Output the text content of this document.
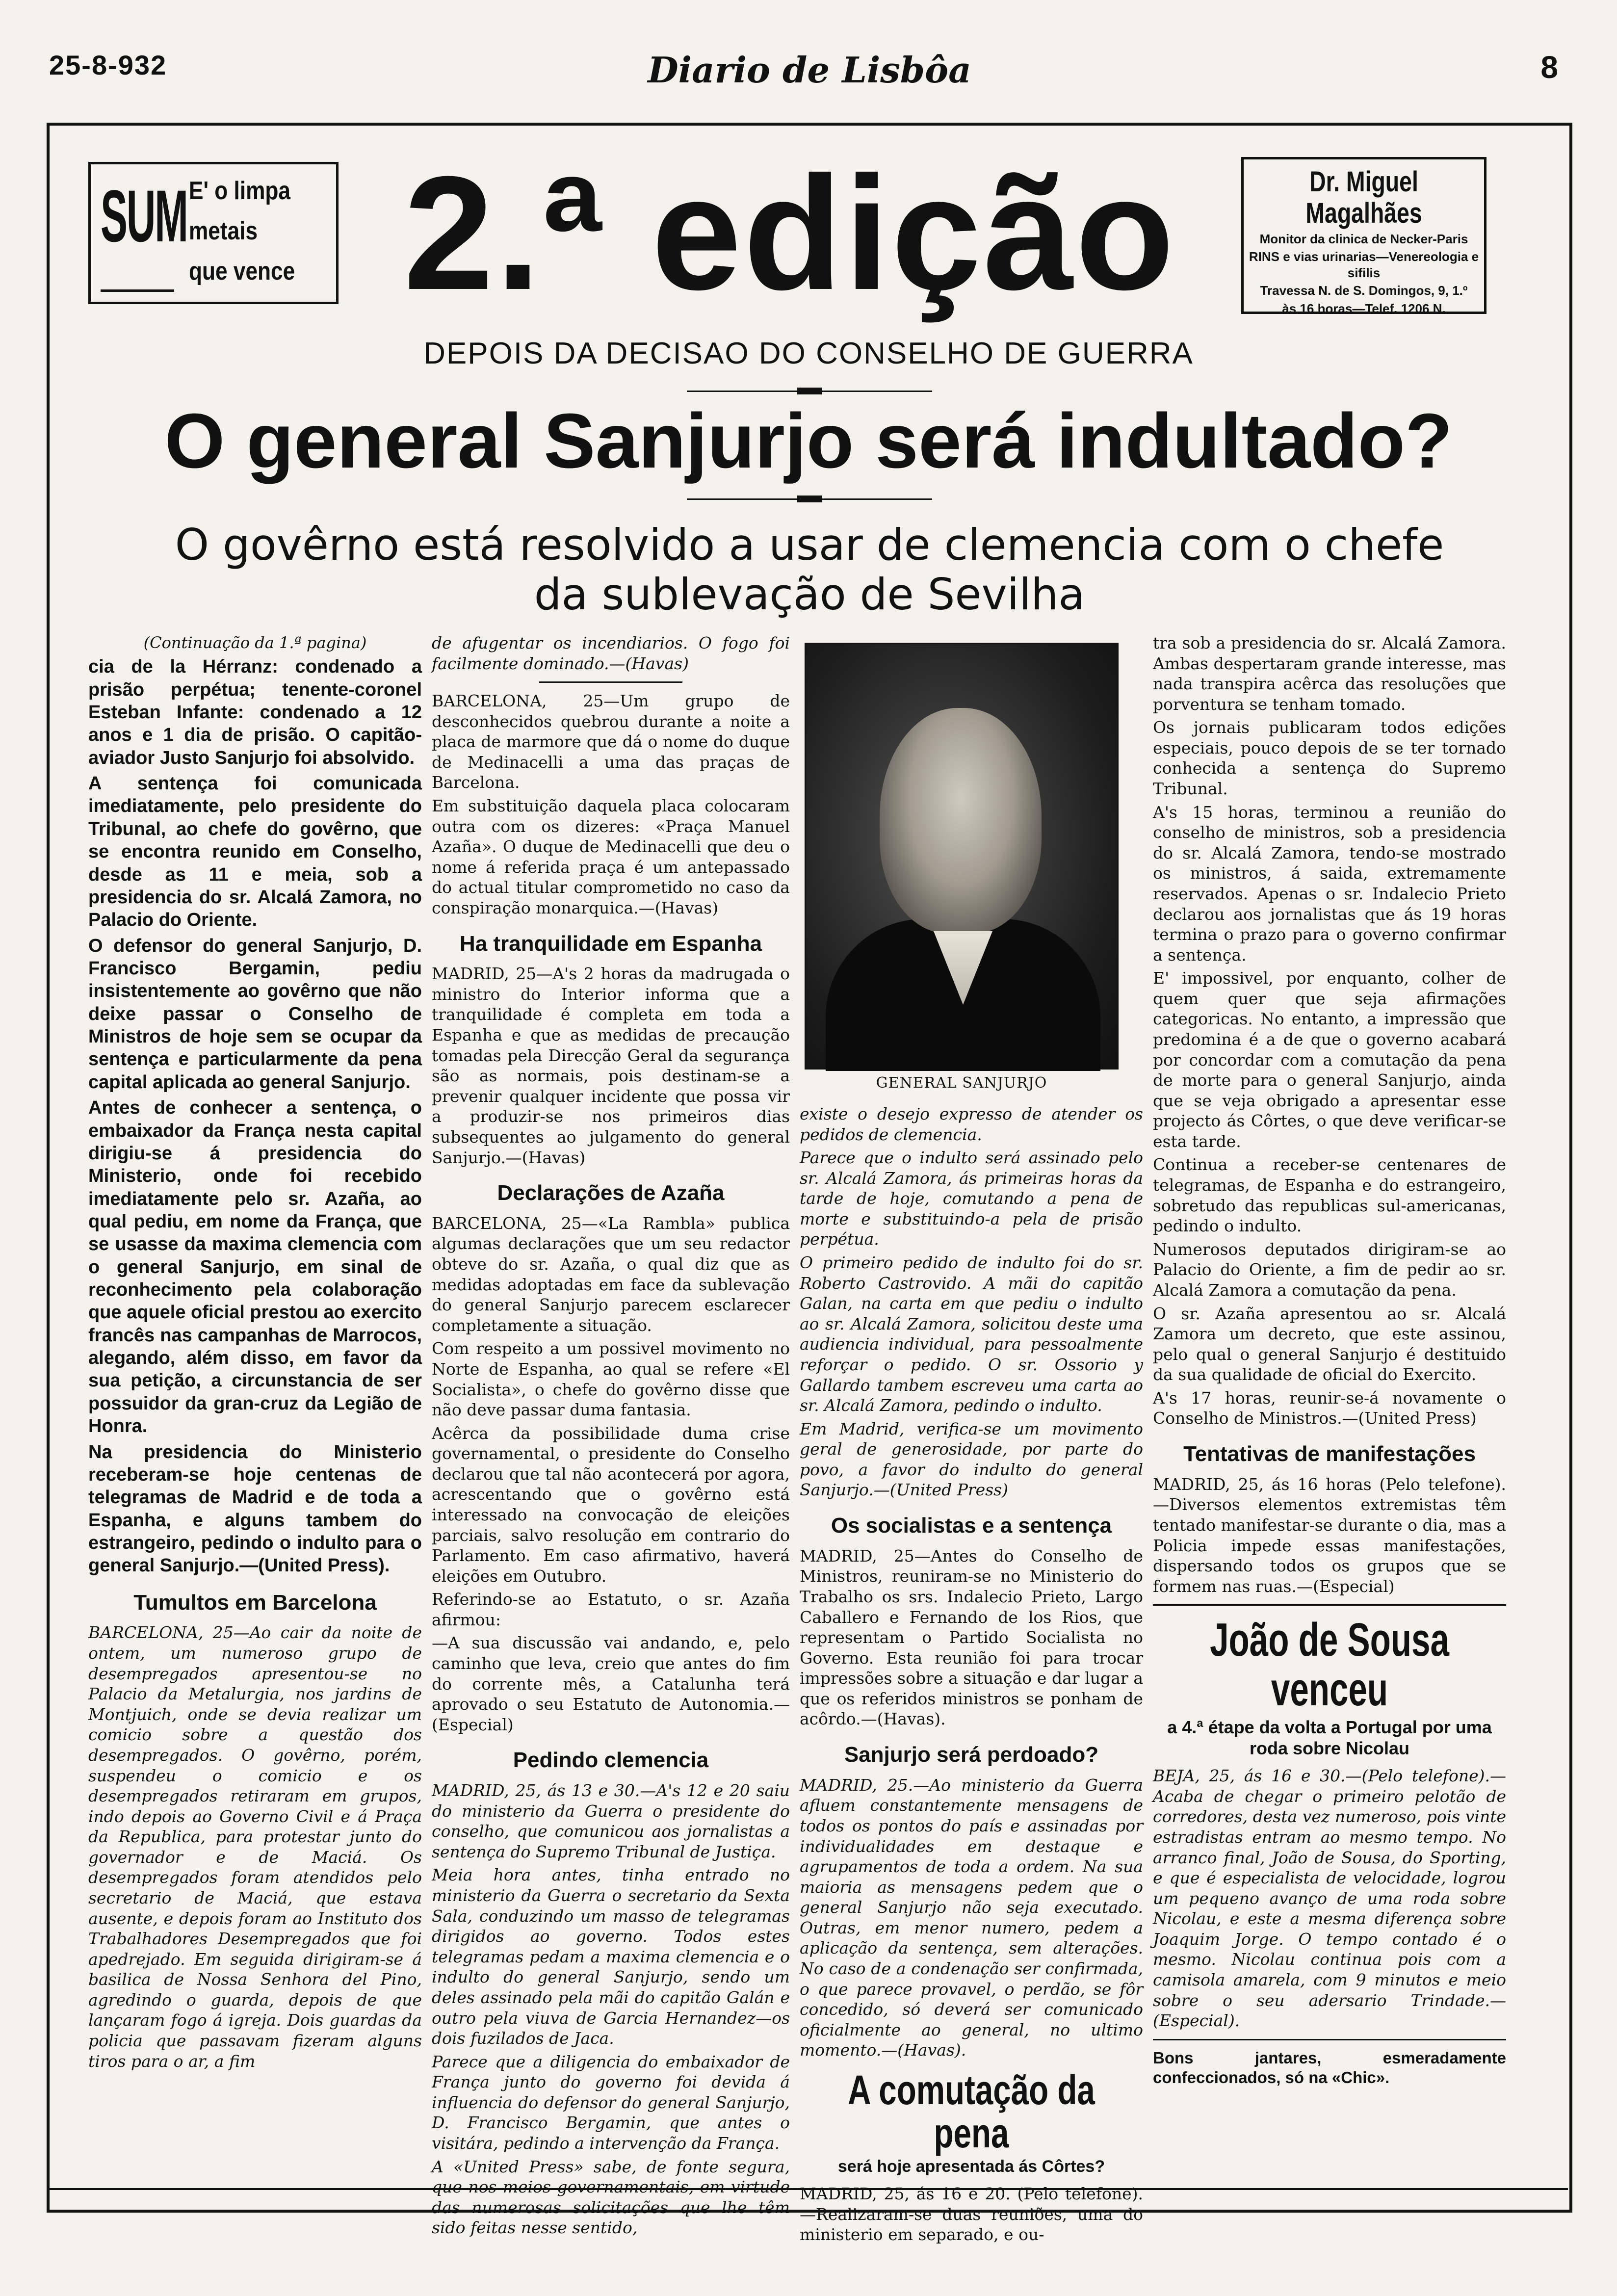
25-8-932	Diario de Lisbôa	8
SUM E' o limpa
metais
que vence 2.ª edição	Dr. Miguel Magalhães
Monitor da clinica de Necker-Paris
RINS e vias urinarias—Venereologia e sifilis
Travessa N. de S. Domingos, 9, 1.º
às 16 horas—Telef. 1206 N.
DEPOIS DA DECISAO DO CONSELHO DE GUERRA
O general Sanjurjo será indultado?
O govêrno está resolvido a usar de clemencia com o chefe da sublevação de Sevilha

(Continuação da 1.ª pagina)

cia de la Hérranz: condenado a prisão perpétua; tenente-coronel Esteban Infante: condenado a 12 anos e 1 dia de prisão. O capitão-aviador Justo Sanjurjo foi absolvido.

A sentença foi comunicada imediatamente, pelo presidente do Tribunal, ao chefe do govêrno, que se encontra reunido em Conselho, desde as 11 e meia, sob a presidencia do sr. Alcalá Zamora, no Palacio do Oriente.

O defensor do general Sanjurjo, D. Francisco Bergamin, pediu insistentemente ao govêrno que não deixe passar o Conselho de Ministros de hoje sem se ocupar da sentença e particularmente da pena capital aplicada ao general Sanjurjo.

Antes de conhecer a sentença, o embaixador da França nesta capital dirigiu-se á presidencia do Ministerio, onde foi recebido imediatamente pelo sr. Azaña, ao qual pediu, em nome da França, que se usasse da maxima clemencia com o general Sanjurjo, em sinal de reconhecimento pela colaboração que aquele oficial prestou ao exercito francês nas campanhas de Marrocos, alegando, além disso, em favor da sua petição, a circunstancia de ser possuidor da gran-cruz da Legião de Honra.

Na presidencia do Ministerio receberam-se hoje centenas de telegramas de Madrid e de toda a Espanha, e alguns tambem do estrangeiro, pedindo o indulto para o general Sanjurjo.—(United Press).

Tumultos em Barcelona

BARCELONA, 25—Ao cair da noite de ontem, um numeroso grupo de desempregados apresentou-se no Palacio da Metalurgia, nos jardins de Montjuich, onde se devia realizar um comicio sobre a questão dos desempregados. O govêrno, porém, suspendeu o comicio e os desempregados retiraram em grupos, indo depois ao Governo Civil e á Praça da Republica, para protestar junto do governador e de Maciá. Os desempregados foram atendidos pelo secretario de Maciá, que estava ausente, e depois foram ao Instituto dos Trabalhadores Desempregados que foi apedrejado. Em seguida dirigiram-se á basilica de Nossa Senhora del Pino, agredindo o guarda, depois de que lançaram fogo á igreja. Dois guardas da policia que passavam fizeram alguns tiros para o ar, a fim

de afugentar os incendiarios. O fogo foi facilmente dominado.—(Havas)

BARCELONA, 25—Um grupo de desconhecidos quebrou durante a noite a placa de marmore que dá o nome do duque de Medinacelli a uma das praças de Barcelona.

Em substituição daquela placa colocaram outra com os dizeres: «Praça Manuel Azaña». O duque de Medinacelli que deu o nome á referida praça é um antepassado do actual titular comprometido no caso da conspiração monarquica.—(Havas)

Ha tranquilidade em Espanha

MADRID, 25—A's 2 horas da madrugada o ministro do Interior informa que a tranquilidade é completa em toda a Espanha e que as medidas de precaução tomadas pela Direcção Geral da segurança são as normais, pois destinam-se a prevenir qualquer incidente que possa vir a produzir-se nos primeiros dias subsequentes ao julgamento do general Sanjurjo.—(Havas)

Declarações de Azaña

BARCELONA, 25—«La Rambla» publica algumas declarações que um seu redactor obteve do sr. Azaña, o qual diz que as medidas adoptadas em face da sublevação do general Sanjurjo parecem esclarecer completamente a situação.

Com respeito a um possivel movimento no Norte de Espanha, ao qual se refere «El Socialista», o chefe do govêrno disse que não deve passar duma fantasia.

Acêrca da possibilidade duma crise governamental, o presidente do Conselho declarou que tal não acontecerá por agora, acrescentando que o govêrno está interessado na convocação de eleições parciais, salvo resolução em contrario do Parlamento. Em caso afirmativo, haverá eleições em Outubro.

Referindo-se ao Estatuto, o sr. Azaña afirmou:

—A sua discussão vai andando, e, pelo caminho que leva, creio que antes do fim do corrente mês, a Catalunha terá aprovado o seu Estatuto de Autonomia.—(Especial)

Pedindo clemencia

MADRID, 25, ás 13 e 30.—A's 12 e 20 saiu do ministerio da Guerra o presidente do conselho, que comunicou aos jornalistas a sentença do Supremo Tribunal de Justiça.

Meia hora antes, tinha entrado no ministerio da Guerra o secretario da Sexta Sala, conduzindo um masso de telegramas dirigidos ao governo. Todos estes telegramas pedam a maxima clemencia e o indulto do general Sanjurjo, sendo um deles assinado pela mãi do capitão Galán e outro pela viuva de Garcia Hernandez—os dois fuzilados de Jaca.

Parece que a diligencia do embaixador de França junto do governo foi devida á influencia do defensor do general Sanjurjo, D. Francisco Bergamin, que antes o visitára, pedindo a intervenção da França.

A «United Press» sabe, de fonte segura, que nos meios governamentais, em virtude das numerosas solicitações que lhe têm sido feitas nesse sentido,

GENERAL SANJURJO

existe o desejo expresso de atender os pedidos de clemencia.

Parece que o indulto será assinado pelo sr. Alcalá Zamora, ás primeiras horas da tarde de hoje, comutando a pena de morte e substituindo-a pela de prisão perpétua.

O primeiro pedido de indulto foi do sr. Roberto Castrovido. A mãi do capitão Galan, na carta em que pediu o indulto ao sr. Alcalá Zamora, solicitou deste uma audiencia individual, para pessoalmente reforçar o pedido. O sr. Ossorio y Gallardo tambem escreveu uma carta ao sr. Alcalá Zamora, pedindo o indulto.

Em Madrid, verifica-se um movimento geral de generosidade, por parte do povo, a favor do indulto do general Sanjurjo.—(United Press)

Os socialistas e a sentença

MADRID, 25—Antes do Conselho de Ministros, reuniram-se no Ministerio do Trabalho os srs. Indalecio Prieto, Largo Caballero e Fernando de los Rios, que representam o Partido Socialista no Governo. Esta reunião foi para trocar impressões sobre a situação e dar lugar a que os referidos ministros se ponham de acôrdo.—(Havas).

Sanjurjo será perdoado?

MADRID, 25.—Ao ministerio da Guerra afluem constantemente mensagens de todos os pontos do país e assinadas por individualidades em destaque e agrupamentos de toda a ordem. Na sua maioria as mensagens pedem que o general Sanjurjo não seja executado. Outras, em menor numero, pedem a aplicação da sentença, sem alterações. No caso de a condenação ser confirmada, o que parece provavel, o perdão, se fôr concedido, só deverá ser comunicado oficialmente ao general, no ultimo momento.—(Havas).

A comutação da pena
será hoje apresentada ás Côrtes?

MADRID, 25, ás 16 e 20. (Pelo telefone).—Realizaram-se duas reuniões, uma do ministerio em separado, e ou-

tra sob a presidencia do sr. Alcalá Zamora. Ambas despertaram grande interesse, mas nada transpira acêrca das resoluções que porventura se tenham tomado.

Os jornais publicaram todos edições especiais, pouco depois de se ter tornado conhecida a sentença do Supremo Tribunal.

A's 15 horas, terminou a reunião do conselho de ministros, sob a presidencia do sr. Alcalá Zamora, tendo-se mostrado os ministros, á saida, extremamente reservados. Apenas o sr. Indalecio Prieto declarou aos jornalistas que ás 19 horas termina o prazo para o governo confirmar a sentença.

E' impossivel, por enquanto, colher de quem quer que seja afirmações categoricas. No entanto, a impressão que predomina é a de que o governo acabará por concordar com a comutação da pena de morte para o general Sanjurjo, ainda que se veja obrigado a apresentar esse projecto ás Côrtes, o que deve verificar-se esta tarde.

Continua a receber-se centenares de telegramas, de Espanha e do estrangeiro, sobretudo das republicas sul-americanas, pedindo o indulto.

Numerosos deputados dirigiram-se ao Palacio do Oriente, a fim de pedir ao sr. Alcalá Zamora a comutação da pena.

O sr. Azaña apresentou ao sr. Alcalá Zamora um decreto, que este assinou, pelo qual o general Sanjurjo é destituido da sua qualidade de oficial do Exercito.

A's 17 horas, reunir-se-á novamente o Conselho de Ministros.—(United Press)

Tentativas de manifestações

MADRID, 25, ás 16 horas (Pelo telefone).—Diversos elementos extremistas têm tentado manifestar-se durante o dia, mas a Policia impede essas manifestações, dispersando todos os grupos que se formem nas ruas.—(Especial)

João de Sousa venceu
a 4.ª étape da volta a Portugal por uma roda sobre Nicolau

BEJA, 25, ás 16 e 30.—(Pelo telefone).—Acaba de chegar o primeiro pelotão de corredores, desta vez numeroso, pois vinte estradistas entram ao mesmo tempo. No arranco final, João de Sousa, do Sporting, e que é especialista de velocidade, logrou um pequeno avanço de uma roda sobre Nicolau, e este a mesma diferença sobre Joaquim Jorge. O tempo contado é o mesmo. Nicolau continua pois com a camisola amarela, com 9 minutos e meio sobre o seu adersario Trindade.—(Especial).

Bons jantares, esmeradamente confeccionados, só na «Chic».
